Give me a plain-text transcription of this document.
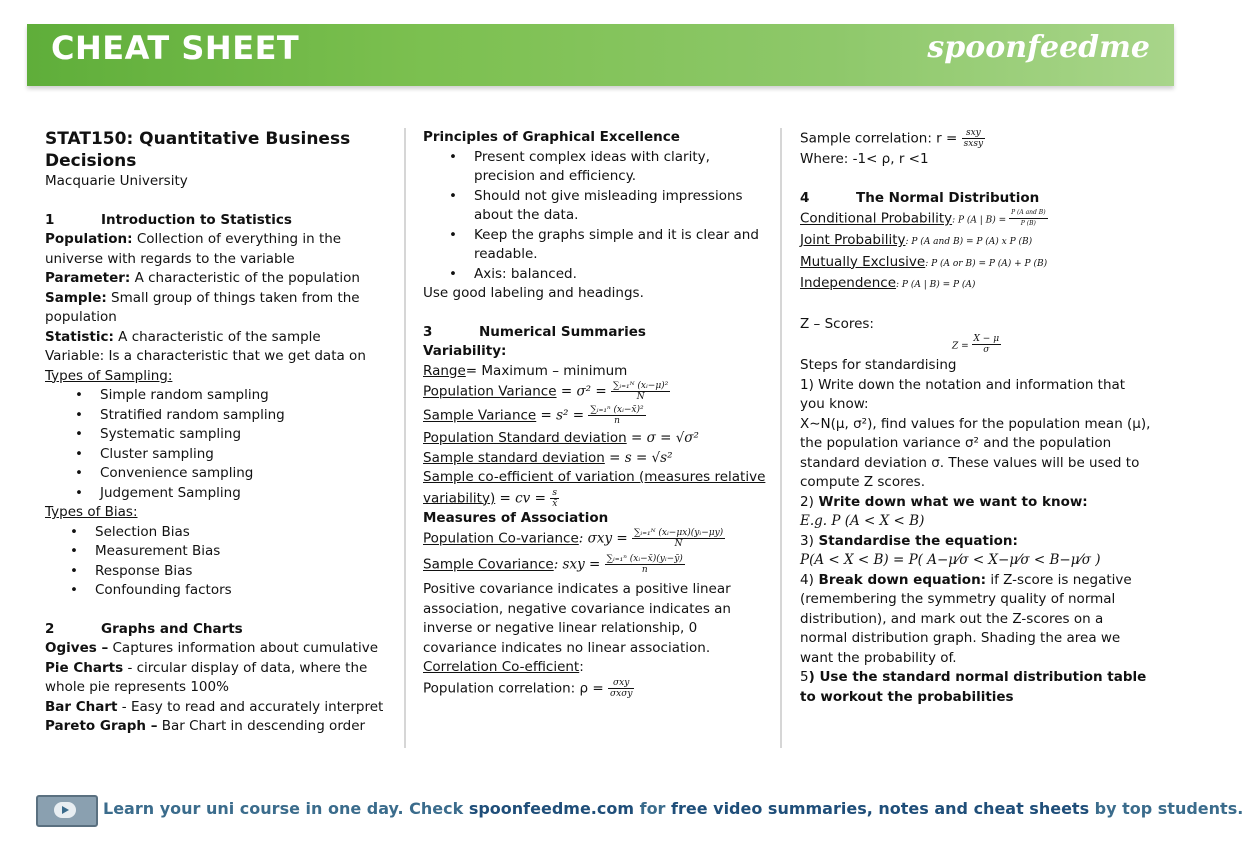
CHEAT SHEET	spoonfeedme
STAT150: Quantitative Business Decisions
Macquarie University
1	Introduction to Statistics
Population: Collection of everything in the universe with regards to the variable
Parameter: A characteristic of the population
Sample: Small group of things taken from the population
Statistic: A characteristic of the sample
Variable: Is a characteristic that we get data on
Types of Sampling:
• Simple random sampling
• Stratified random sampling
• Systematic sampling
• Cluster sampling
• Convenience sampling
• Judgement Sampling
Types of Bias:
• Selection Bias
• Measurement Bias
• Response Bias
• Confounding factors
2	Graphs and Charts
Ogives – Captures information about cumulative
Pie Charts - circular display of data, where the whole pie represents 100%
Bar Chart - Easy to read and accurately interpret
Pareto Graph – Bar Chart in descending order
Principles of Graphical Excellence
• Present complex ideas with clarity, precision and efficiency.
• Should not give misleading impressions about the data.
• Keep the graphs simple and it is clear and readable.
• Axis: balanced.
Use good labeling and headings.
3	Numerical Summaries
Variability:
Range= Maximum – minimum
Population Variance = $\sigma^2 = \frac{\text{∑ᵢ₌₁ᴺ (xᵢ−μ)²}}{N}$
Sample Variance = $s^2 = \frac{\text{∑ᵢ₌₁ⁿ (xᵢ−x̄)²}}{n}$
Population Standard deviation = σ = √σ²
Sample standard deviation = s = √s²
Sample co-efficient of variation (measures relative variability) = cv = $\frac{s}{x̄}$
Measures of Association
Population Co-variance: $\sigma xy = \frac{\text{∑ᵢ₌₁ᴺ (xᵢ−μx)(yᵢ−μy)}}{N}$
Sample Covariance: sxy = $\frac{\text{∑ᵢ₌₁ⁿ (xᵢ−x̄)(yᵢ−ȳ)}}{n}$
Positive covariance indicates a positive linear association, negative covariance indicates an inverse or negative linear relationship, 0 covariance indicates no linear association.
Correlation Co-efficient:
Population correlation: $\rho = \frac{\text{σxy}}{\text{σxσy}}$
Sample correlation: $r = \frac{\text{sxy}}{\text{sxsy}}$
Where: -1< ρ, r <1
4	The Normal Distribution
Conditional Probability: P (A | $B) = \frac{\text{P (A and B)}}{P (B)}$
Joint Probability: P (A and B) = P (A) x P (B)
Mutually Exclusive: P (A or B) = P (A) + P (B)
Independence: P (A | B) = P (A)
Z – Scores:
$Z = \frac{X - \mu}{\sigma}$
Steps for standardising
1) Write down the notation and information that you know:
X∼N(μ, σ²), find values for the population mean (μ), the population variance σ² and the population standard deviation σ. These values will be used to compute Z scores.
2) Write down what we want to know:
E.g. P (A < X < B)
3) Standardise the equation:
P(A < X < B) = P( A−μ⁄σ < X−μ⁄σ < B−μ⁄σ )
4) Break down equation: if Z-score is negative (remembering the symmetry quality of normal distribution), and mark out the Z-scores on a normal distribution graph. Shading the area we want the probability of.
5) Use the standard normal distribution table to workout the probabilities
Learn your uni course in one day. Check spoonfeedme.com for free video summaries, notes and cheat sheets by top students.
